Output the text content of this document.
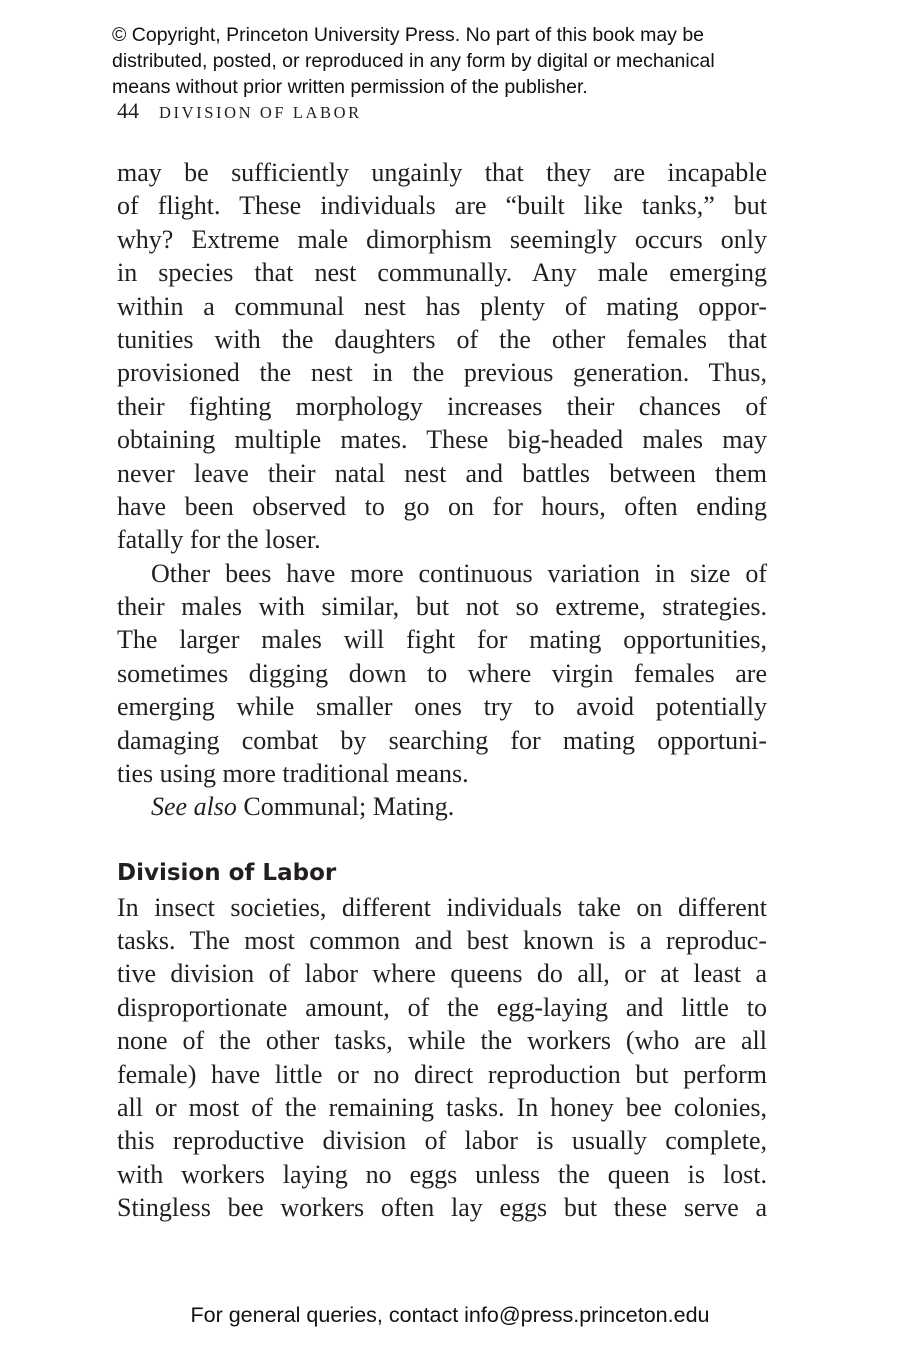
© Copyright, Princeton University Press. No part of this book may be
distributed, posted, or reproduced in any form by digital or mechanical
means without prior written permission of the publisher.
44 DIVISION OF LABOR
may be sufficiently ungainly that they are incapable
of flight. These individuals are “built like tanks,” but
why? Extreme male dimorphism seemingly occurs only
in species that nest communally. Any male emerging
within a communal nest has plenty of mating oppor-
tunities with the daughters of the other females that
provisioned the nest in the previous generation. Thus,
their fighting morphology increases their chances of
obtaining multiple mates. These big-headed males may
never leave their natal nest and battles between them
have been observed to go on for hours, often ending
fatally for the loser.
Other bees have more continuous variation in size of
their males with similar, but not so extreme, strategies.
The larger males will fight for mating opportunities,
sometimes digging down to where virgin females are
emerging while smaller ones try to avoid potentially
damaging combat by searching for mating opportuni-
ties using more traditional means.
See also Communal; Mating.
Division of Labor
In insect societies, different individuals take on different
tasks. The most common and best known is a reproduc-
tive division of labor where queens do all, or at least a
disproportionate amount, of the egg-laying and little to
none of the other tasks, while the workers (who are all
female) have little or no direct reproduction but perform
all or most of the remaining tasks. In honey bee colonies,
this reproductive division of labor is usually complete,
with workers laying no eggs unless the queen is lost.
Stingless bee workers often lay eggs but these serve a
For general queries, contact info@press.princeton.edu
